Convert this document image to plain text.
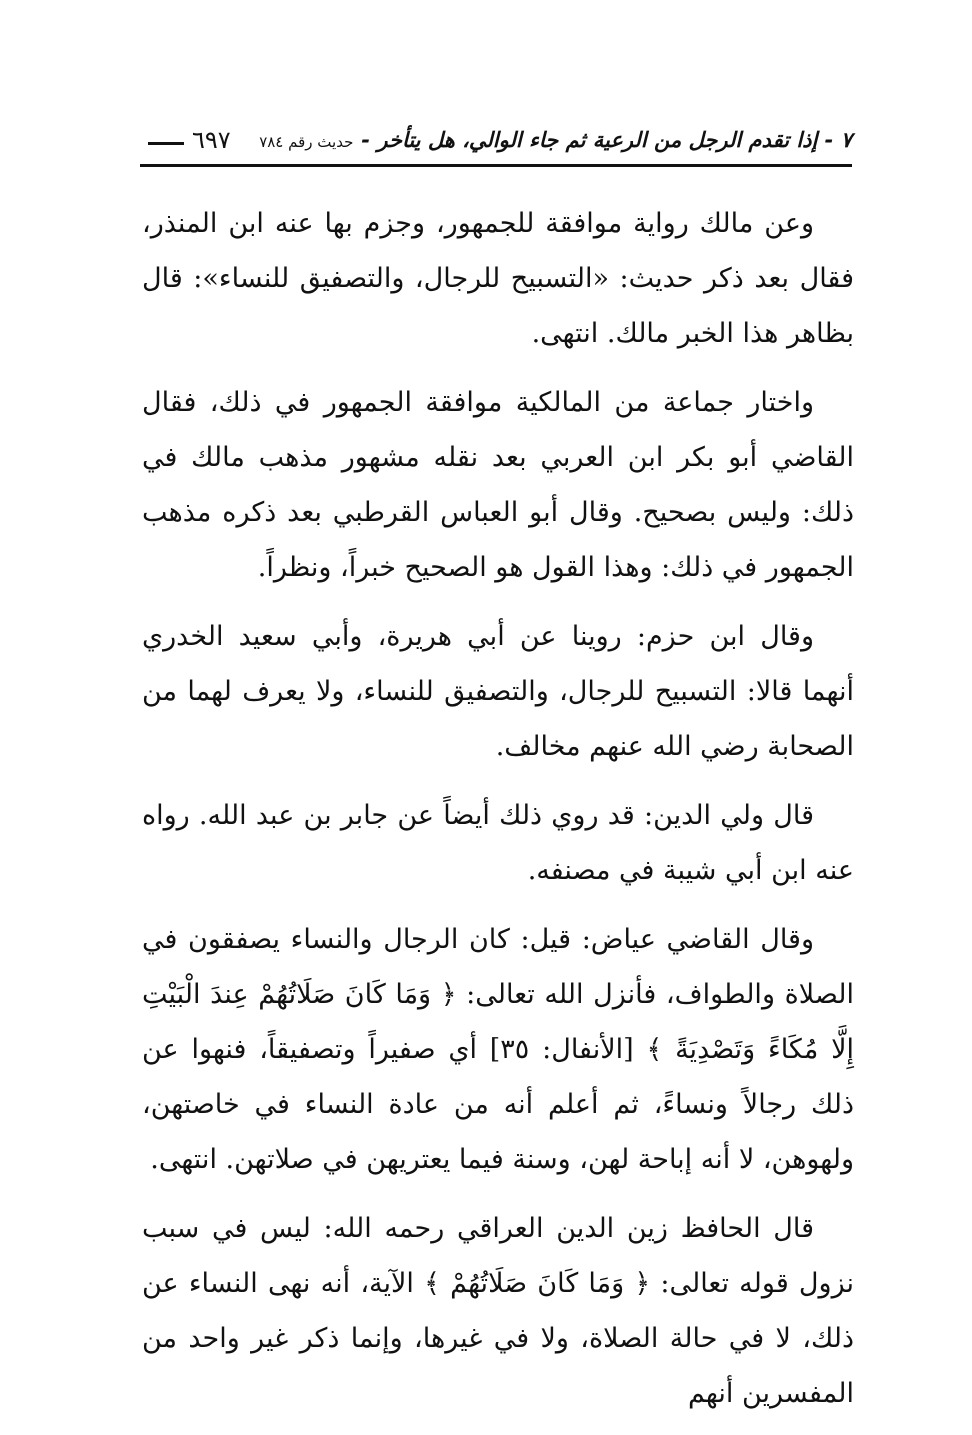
٧ - إذا تقدم الرجل من الرعية ثم جاء الوالي، هل يتأخر -
حديث رقم ٧٨٤
٦٩٧

وعن مالك رواية موافقة للجمهور، وجزم بها عنه ابن المنذر، فقال بعد ذكر حديث: «التسبيح للرجال، والتصفيق للنساء»: قال بظاهر هذا الخبر مالك. انتهى.

واختار جماعة من المالكية موافقة الجمهور في ذلك، فقال القاضي أبو بكر ابن العربي بعد نقله مشهور مذهب مالك في ذلك: وليس بصحيح. وقال أبو العباس القرطبي بعد ذكره مذهب الجمهور في ذلك: وهذا القول هو الصحيح خبراً، ونظراً.

وقال ابن حزم: روينا عن أبي هريرة، وأبي سعيد الخدري أنهما قالا: التسبيح للرجال، والتصفيق للنساء، ولا يعرف لهما من الصحابة رضي الله عنهم مخالف.

قال ولي الدين: قد روي ذلك أيضاً عن جابر بن عبد الله. رواه عنه ابن أبي شيبة في مصنفه.

وقال القاضي عياض: قيل: كان الرجال والنساء يصفقون في الصلاة والطواف، فأنزل الله تعالى: ﴿ وَمَا كَانَ صَلَاتُهُمْ عِندَ الْبَيْتِ إِلَّا مُكَاءً وَتَصْدِيَةً ﴾ [الأنفال: ٣٥] أي صفيراً وتصفيقاً، فنهوا عن ذلك رجالاً ونساءً، ثم أعلم أنه من عادة النساء في خاصتهن، ولهوهن، لا أنه إباحة لهن، وسنة فيما يعتريهن في صلاتهن. انتهى.

قال الحافظ زين الدين العراقي رحمه الله: ليس في سبب نزول قوله تعالى: ﴿ وَمَا كَانَ صَلَاتُهُمْ ﴾ الآية، أنه نهى النساء عن ذلك، لا في حالة الصلاة، ولا في غيرها، وإنما ذكر غير واحد من المفسرين أنهم
